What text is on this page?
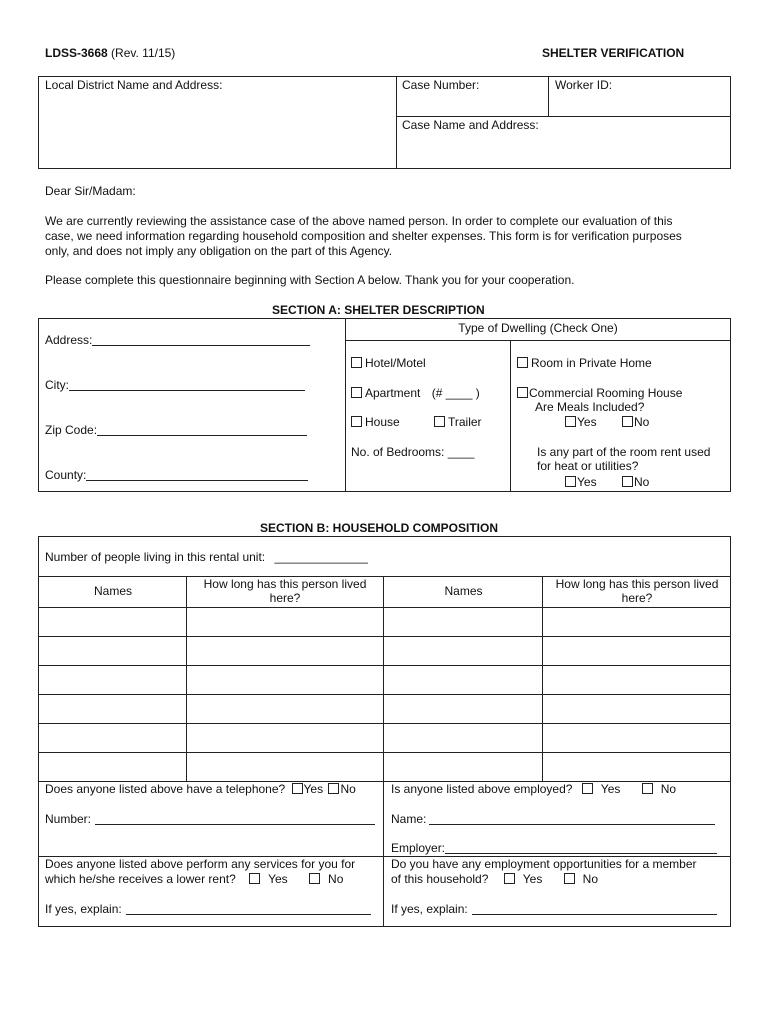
LDSS-3668 (Rev. 11/15)	SHELTER VERIFICATION
Local District Name and Address:	Case Number:	Worker ID:
Case Name and Address:
Dear Sir/Madam:
We are currently reviewing the assistance case of the above named person. In order to complete our evaluation of this
case, we need information regarding household composition and shelter expenses. This form is for verification purposes
only, and does not imply any obligation on the part of this Agency.
Please complete this questionnaire beginning with Section A below. Thank you for your cooperation.
SECTION A: SHELTER DESCRIPTION
Address:
City:
Zip Code:
County:
Type of Dwelling (Check One)
Hotel/Motel
Apartment (# ____ )
House	Trailer
No. of Bedrooms: ____
Room in Private Home
Commercial Rooming House
Are Meals Included?
Yes	No
Is any part of the room rent used
for heat or utilities?
Yes	No
SECTION B: HOUSEHOLD COMPOSITION
Number of people living in this rental unit: ______________
Names	How long has this person lived here?	Names	How long has this person lived here?
Does anyone listed above have a telephone? Yes No
Number:
Is anyone listed above employed? Yes	No
Name:
Employer:
Does anyone listed above perform any services for you for
which he/she receives a lower rent?	Yes	No
If yes, explain:
Do you have any employment opportunities for a member
of this household?	Yes	No
If yes, explain:
